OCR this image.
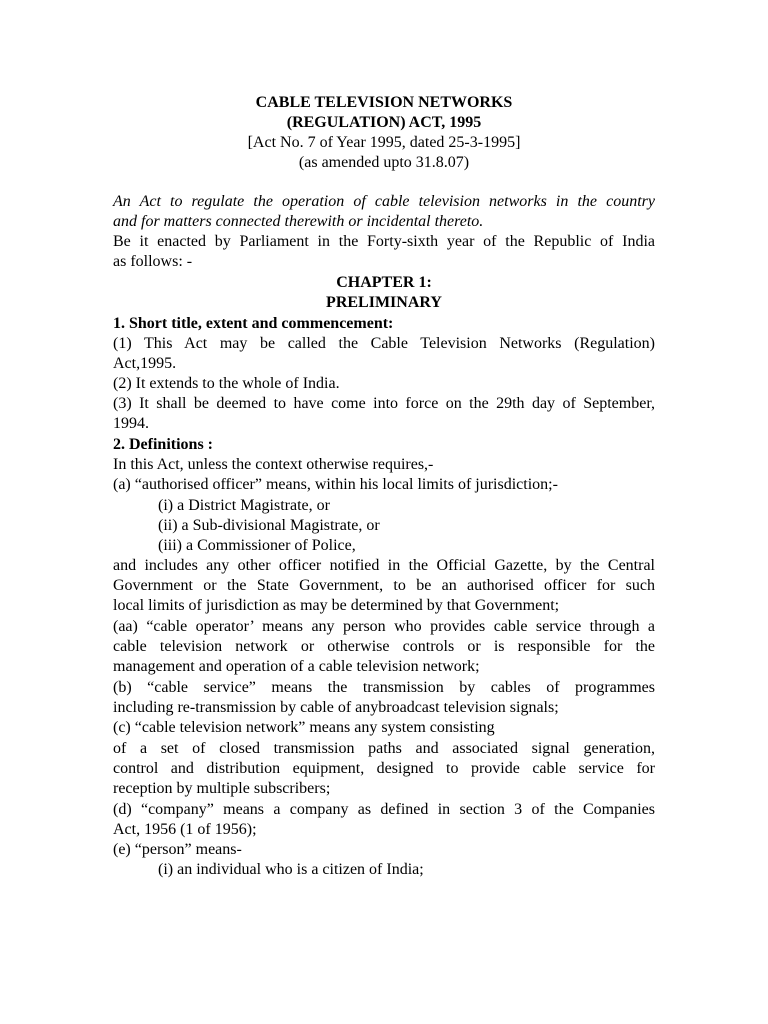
CABLE TELEVISION NETWORKS
(REGULATION) ACT, 1995
[Act No. 7 of Year 1995, dated 25-3-1995]
(as amended upto 31.8.07)
An Act to regulate the operation of cable television networks in the country
and for matters connected therewith or incidental thereto.
Be it enacted by Parliament in the Forty-sixth year of the Republic of India
as follows: -
CHAPTER 1:
PRELIMINARY
1. Short title, extent and commencement:
(1) This Act may be called the Cable Television Networks (Regulation)
Act,1995.
(2) It extends to the whole of India.
(3) It shall be deemed to have come into force on the 29th day of September,
1994.
2. Definitions :
In this Act, unless the context otherwise requires,-
(a) “authorised officer” means, within his local limits of jurisdiction;-
(i) a District Magistrate, or
(ii) a Sub-divisional Magistrate, or
(iii) a Commissioner of Police,
and includes any other officer notified in the Official Gazette, by the Central
Government or the State Government, to be an authorised officer for such
local limits of jurisdiction as may be determined by that Government;
(aa) “cable operator’ means any person who provides cable service through a
cable television network or otherwise controls or is responsible for the
management and operation of a cable television network;
(b) “cable service” means the transmission by cables of programmes
including re-transmission by cable of anybroadcast television signals;
(c) “cable television network” means any system consisting
of a set of closed transmission paths and associated signal generation,
control and distribution equipment, designed to provide cable service for
reception by multiple subscribers;
(d) “company” means a company as defined in section 3 of the Companies
Act, 1956 (1 of 1956);
(e) “person” means-
(i) an individual who is a citizen of India;
